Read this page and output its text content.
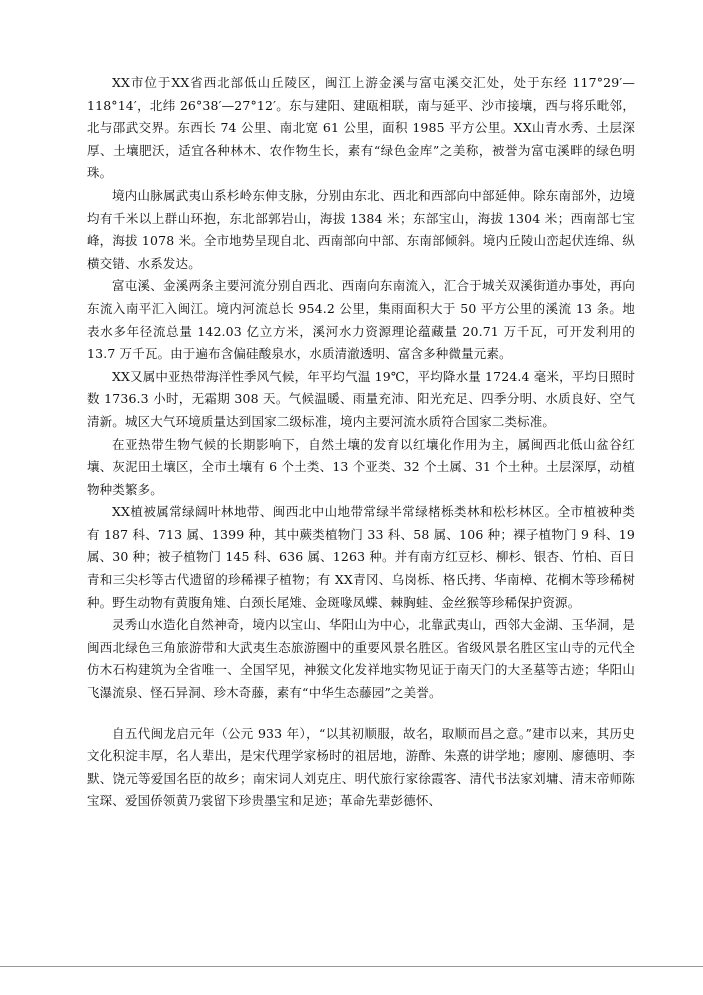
XX市位于XX省西北部低山丘陵区，闽江上游金溪与富屯溪交汇处，处于东经 117°29′—118°14′，北纬 26°38′—27°12′。东与建阳、建瓯相联，南与延平、沙市接壤，西与将乐毗邻，北与邵武交界。东西长 74 公里、南北宽 61 公里，面积 1985 平方公里。XX山青水秀、土层深厚、土壤肥沃，适宜各种林木、农作物生长，素有“绿色金库”之美称，被誉为富屯溪畔的绿色明珠。

境内山脉属武夷山系杉岭东伸支脉，分别由东北、西北和西部向中部延伸。除东南部外，边境均有千米以上群山环抱，东北部郭岩山，海拔 1384 米；东部宝山，海拔 1304 米；西南部七宝峰，海拔 1078 米。全市地势呈现自北、西南部向中部、东南部倾斜。境内丘陵山峦起伏连绵、纵横交错、水系发达。

富屯溪、金溪两条主要河流分别自西北、西南向东南流入，汇合于城关双溪街道办事处，再向东流入南平汇入闽江。境内河流总长 954.2 公里，集雨面积大于 50 平方公里的溪流 13 条。地表水多年径流总量 142.03 亿立方米，溪河水力资源理论蕴藏量 20.71 万千瓦，可开发利用的 13.7 万千瓦。由于遍布含偏硅酸泉水，水质清澈透明、富含多种微量元素。

XX又属中亚热带海洋性季风气候，年平均气温 19℃，平均降水量 1724.4 毫米，平均日照时数 1736.3 小时，无霜期 308 天。气候温暖、雨量充沛、阳光充足、四季分明、水质良好、空气清新。城区大气环境质量达到国家二级标准，境内主要河流水质符合国家二类标准。

在亚热带生物气候的长期影响下，自然土壤的发育以红壤化作用为主，属闽西北低山盆谷红壤、灰泥田土壤区，全市土壤有 6 个土类、13 个亚类、32 个土属、31 个土种。土层深厚，动植物种类繁多。

XX植被属常绿阔叶林地带、闽西北中山地带常绿半常绿楮栎类林和松杉林区。全市植被种类有 187 科、713 属、1399 种，其中蕨类植物门 33 科、58 属、106 种；裸子植物门 9 科、19 属、30 种；被子植物门 145 科、636 属、1263 种。并有南方红豆杉、柳杉、银杏、竹柏、百日青和三尖杉等古代遗留的珍稀裸子植物；有 XX青冈、乌岗栎、格氏拷、华南樟、花榈木等珍稀树种。野生动物有黄腹角雉、白颈长尾雉、金斑喙凤蝶、棘胸蛙、金丝猴等珍稀保护资源。

灵秀山水造化自然神奇，境内以宝山、华阳山为中心，北靠武夷山，西邻大金湖、玉华洞，是闽西北绿色三角旅游带和大武夷生态旅游圈中的重要风景名胜区。省级风景名胜区宝山寺的元代全仿木石构建筑为全省唯一、全国罕见，神猴文化发祥地实物见证于南天门的大圣墓等古迹；华阳山飞瀑流泉、怪石异洞、珍木奇藤，素有“中华生态藤园”之美誉。

自五代闽龙启元年（公元 933 年），“以其初顺服，故名，取顺而昌之意。”建市以来，其历史文化积淀丰厚，名人辈出，是宋代理学家杨时的祖居地，游酢、朱熹的讲学地；廖刚、廖德明、李默、饶元等爱国名臣的故乡；南宋词人刘克庄、明代旅行家徐霞客、清代书法家刘墉、清末帝师陈宝琛、爱国侨领黄乃裳留下珍贵墨宝和足迹；革命先辈彭德怀、
